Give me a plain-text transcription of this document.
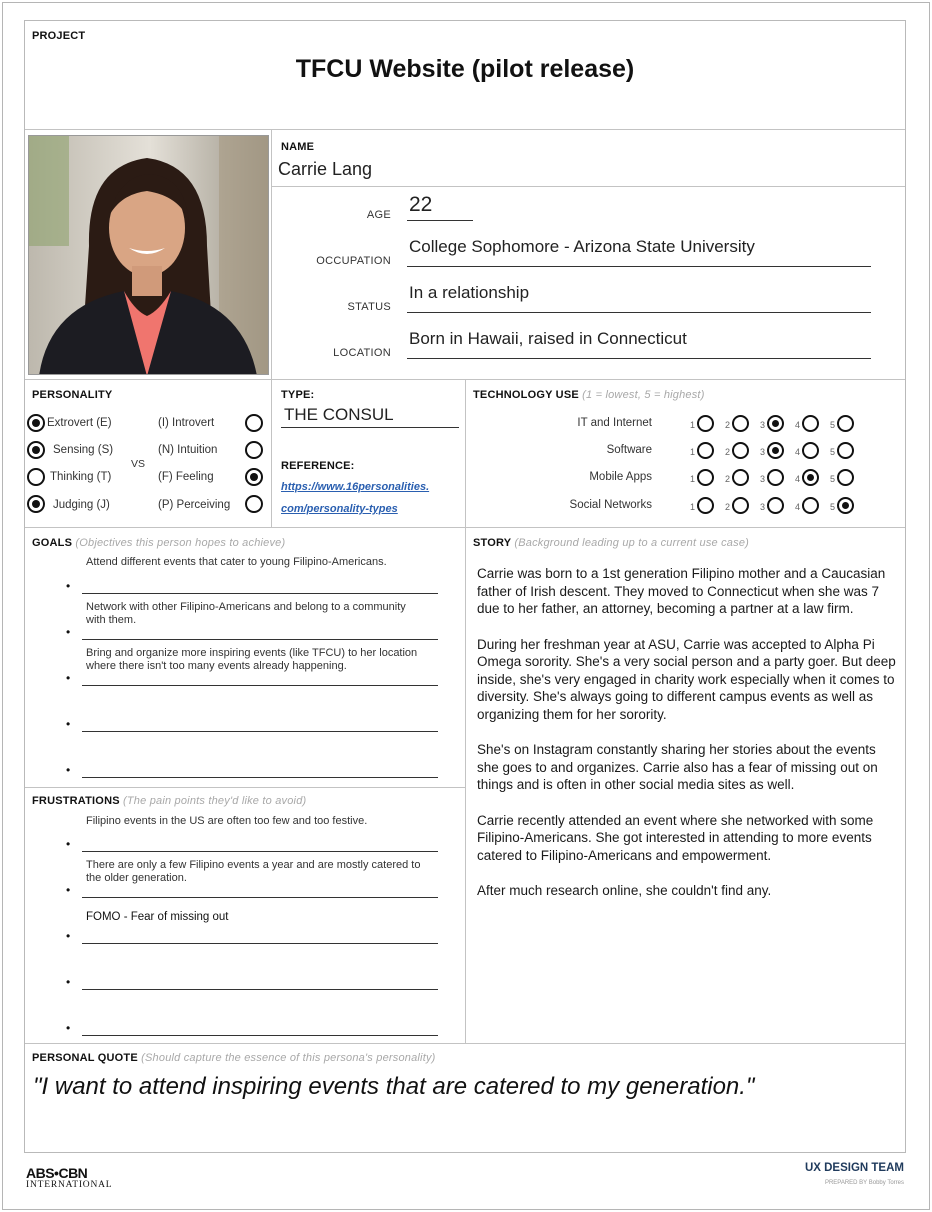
PROJECT
TFCU Website (pilot release)
NAME
Carrie Lang
AGE 22
OCCUPATION
College Sophomore - Arizona State University
STATUS
In a relationship
LOCATION
Born in Hawaii, raised in Connecticut
PERSONALITY
Extrovert (E)	(I) Introvert
Sensing (S)	(N) Intuition
VS
Thinking (T)	(F) Feeling
Judging (J)	(P) Perceiving
TYPE:
THE CONSUL
REFERENCE:
https://www.16personalities.
com/personality-types
TECHNOLOGY USE (1 = lowest, 5 = highest)
IT and Internet	1	2	3	4	5
Software	1	2	3	4	5
Mobile Apps	1	2	3	4	5
Social Networks	1	2	3	4	5
GOALS (Objectives this person hopes to achieve)
Attend different events that cater to young Filipino-Americans.
•
Network with other Filipino-Americans and belong to a community with them.
•
Bring and organize more inspiring events (like TFCU) to her location where there isn't too many events already happening.
•
•
•
FRUSTRATIONS (The pain points they'd like to avoid)
Filipino events in the US are often too few and too festive.
•
There are only a few Filipino events a year and are mostly catered to the older generation.
•
FOMO - Fear of missing out
•
•
•
STORY (Background leading up to a current use case)

Carrie was born to a 1st generation Filipino mother and a Caucasian father of Irish descent. They moved to Connecticut when she was 7 due to her father, an attorney, becoming a partner at a law firm.

During her freshman year at ASU, Carrie was accepted to Alpha Pi Omega sorority. She's a very social person and a party goer. But deep inside, she's very engaged in charity work especially when it comes to diversity. She's always going to different campus events as well as organizing them for her sorority.

She's on Instagram constantly sharing her stories about the events she goes to and organizes. Carrie also has a fear of missing out on things and is often in other social media sites as well.

Carrie recently attended an event where she networked with some Filipino-Americans. She got interested in attending to more events catered to Filipino-Americans and empowerment.

After much research online, she couldn't find any.

PERSONAL QUOTE (Should capture the essence of this persona's personality)
"I want to attend inspiring events that are catered to my generation."
ABS•CBN
INTERNATIONAL
UX DESIGN TEAM
PREPARED BY Bobby Torres
